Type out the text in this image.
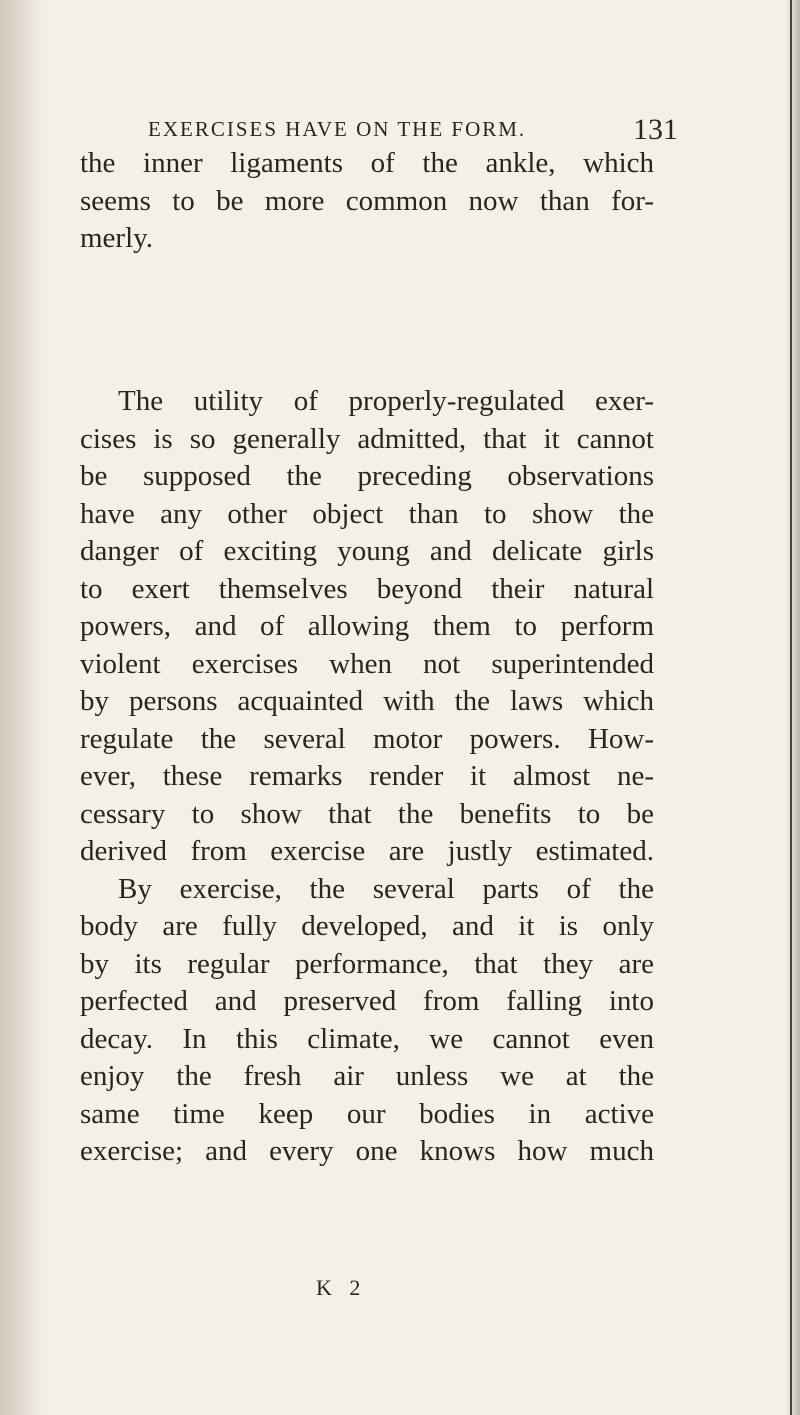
EXERCISES HAVE ON THE FORM.	131
the inner ligaments of the ankle, which
seems to be more common now than for-
merly.
The utility of properly-regulated exer-
cises is so generally admitted, that it cannot
be supposed the preceding observations
have any other object than to show the
danger of exciting young and delicate girls
to exert themselves beyond their natural
powers, and of allowing them to perform
violent exercises when not superintended
by persons acquainted with the laws which
regulate the several motor powers. How-
ever, these remarks render it almost ne-
cessary to show that the benefits to be
derived from exercise are justly estimated.
By exercise, the several parts of the
body are fully developed, and it is only
by its regular performance, that they are
perfected and preserved from falling into
decay. In this climate, we cannot even
enjoy the fresh air unless we at the
same time keep our bodies in active
exercise; and every one knows how much
K 2
